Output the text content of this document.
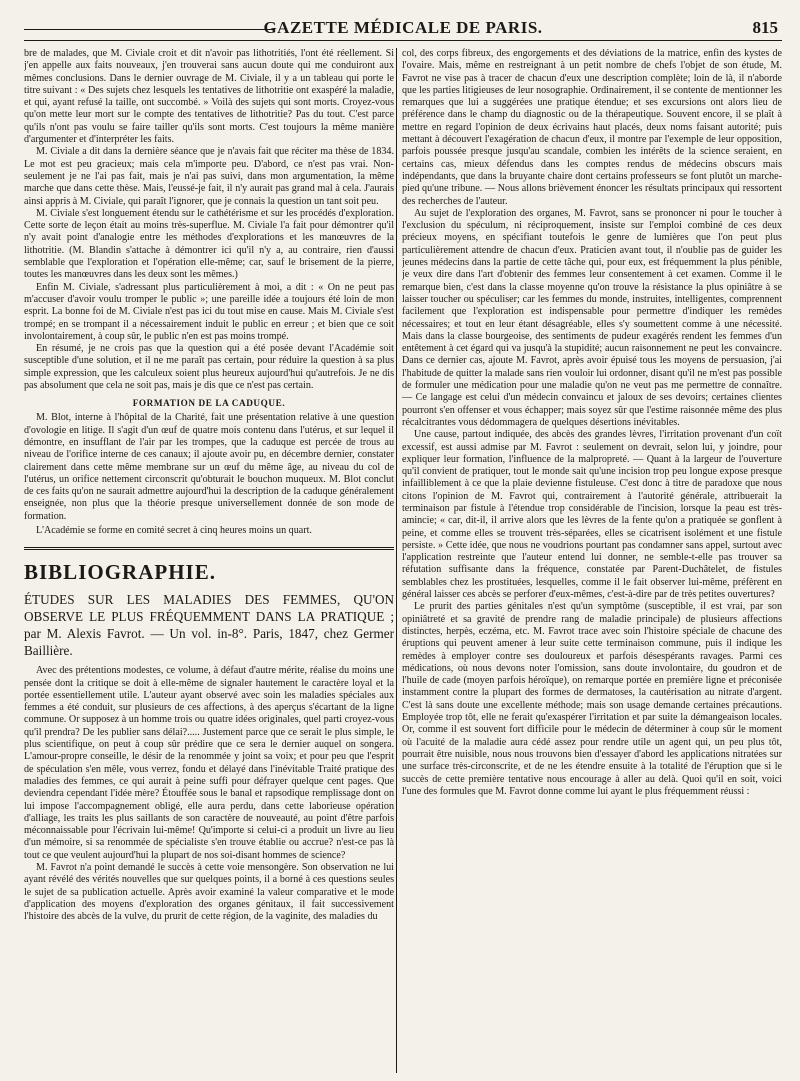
GAZETTE MÉDICALE DE PARIS.	815

bre de malades, que M. Civiale croit et dit n'avoir pas lithotritiés, l'ont été réellement. Si j'en appelle aux faits nouveaux, j'en trouverai sans aucun doute qui me conduiront aux mêmes conclusions. Dans le dernier ouvrage de M. Civiale, il y a un tableau qui porte le titre suivant : « Des sujets chez lesquels les tentatives de lithotritie ont exaspéré la maladie, et qui, ayant refusé la taille, ont succombé. » Voilà des sujets qui sont morts. Croyez-vous qu'on mette leur mort sur le compte des tentatives de lithotritie? Pas du tout. C'est parce qu'ils n'ont pas voulu se faire tailler qu'ils sont morts. C'est toujours la même manière d'argumenter et d'interpréter les faits.

M. Civiale a dit dans la dernière séance que je n'avais fait que réciter ma thèse de 1834. Le mot est peu gracieux; mais cela m'importe peu. D'abord, ce n'est pas vrai. Non-seulement je ne l'ai pas fait, mais je n'ai pas suivi, dans mon argumentation, la même marche que dans cette thèse. Mais, l'eussé-je fait, il n'y aurait pas grand mal à cela. J'aurais ainsi appris à M. Civiale, qui paraît l'ignorer, que je connais la question un tant soit peu.

M. Civiale s'est longuement étendu sur le cathétérisme et sur les procédés d'exploration. Cette sorte de leçon était au moins très-superflue. M. Civiale l'a fait pour démontrer qu'il n'y avait point d'analogie entre les méthodes d'explorations et les manœuvres de la lithotritie. (M. Blandin s'attache à démontrer ici qu'il n'y a, au contraire, rien d'aussi semblable que l'exploration et l'opération elle-même; car, sauf le brisement de la pierre, toutes les manœuvres dans les deux sont les mêmes.)

Enfin M. Civiale, s'adressant plus particulièrement à moi, a dit : « On ne peut pas m'accuser d'avoir voulu tromper le public »; une pareille idée a toujours été loin de mon esprit. La bonne foi de M. Civiale n'est pas ici du tout mise en cause. Mais M. Civiale s'est trompé; en se trompant il a nécessairement induit le public en erreur ; et bien que ce soit involontairement, à coup sûr, le public n'en est pas moins trompé.

En résumé, je ne crois pas que la question qui a été posée devant l'Académie soit susceptible d'une solution, et il ne me paraît pas certain, pour réduire la question à sa plus simple expression, que les calculeux soient plus heureux aujourd'hui qu'autrefois. Je ne dis pas absolument que cela ne soit pas, mais je dis que ce n'est pas certain.

FORMATION DE LA CADUQUE.

M. Blot, interne à l'hôpital de la Charité, fait une présentation relative à une question d'ovologie en litige. Il s'agit d'un œuf de quatre mois contenu dans l'utérus, et sur lequel il démontre, en insufflant de l'air par les trompes, que la caduque est percée de trous au niveau de l'orifice interne de ces canaux; il ajoute avoir pu, en décembre dernier, constater clairement dans cette même membrane sur un œuf du même âge, au niveau du col de l'utérus, un orifice nettement circonscrit qu'obturait le bouchon muqueux. M. Blot conclut de ces faits qu'on ne saurait admettre aujourd'hui la description de la caduque généralement enseignée, non plus que la théorie presque universellement donnée de son mode de formation.

L'Académie se forme en comité secret à cinq heures moins un quart.

BIBLIOGRAPHIE.
ÉTUDES SUR LES MALADIES DES FEMMES, QU'ON OBSERVE LE PLUS FRÉQUEMMENT DANS LA PRATIQUE ; par M. Alexis Favrot. — Un vol. in-8°. Paris, 1847, chez Germer Baillière.

Avec des prétentions modestes, ce volume, à défaut d'autre mérite, réalise du moins une pensée dont la critique se doit à elle-même de signaler hautement le caractère loyal et la portée essentiellement utile. L'auteur ayant observé avec soin les maladies spéciales aux femmes a été conduit, sur plusieurs de ces affections, à des aperçus s'écartant de la ligne commune. Or supposez à un homme trois ou quatre idées originales, quel parti croyez-vous qu'il prendra? De les publier sans délai?..... Justement parce que ce serait le plus simple, le plus scientifique, on peut à coup sûr prédire que ce sera le dernier auquel on songera. L'amour-propre conseille, le désir de la renommée y joint sa voix; et pour peu que l'esprit de spéculation s'en mêle, vous verrez, fondu et délayé dans l'inévitable Traité pratique des maladies des femmes, ce qui aurait à peine suffi pour défrayer quelque cent pages. Que deviendra cependant l'idée mère? Étouffée sous le banal et rapsodique remplissage dont on lui impose l'accompagnement obligé, elle aura perdu, dans cette laborieuse opération d'alliage, les traits les plus saillants de son caractère de nouveauté, au point d'être parfois méconnaissable pour l'écrivain lui-même! Qu'importe si celui-ci a produit un livre au lieu d'un mémoire, si sa renommée de spécialiste s'en trouve établie ou accrue? n'est-ce pas là tout ce que veulent aujourd'hui la plupart de nos soi-disant hommes de science?

M. Favrot n'a point demandé le succès à cette voie mensongère. Son observation ne lui ayant révélé des vérités nouvelles que sur quelques points, il a borné à ces questions seules le sujet de sa publication actuelle. Après avoir examiné la valeur comparative et le mode d'application des moyens d'exploration des organes génitaux, il fait successivement l'histoire des abcès de la vulve, du prurit de cette région, de la vaginite, des maladies du

col, des corps fibreux, des engorgements et des déviations de la matrice, enfin des kystes de l'ovaire. Mais, même en restreignant à un petit nombre de chefs l'objet de son étude, M. Favrot ne vise pas à tracer de chacun d'eux une description complète; loin de là, il n'aborde que les parties litigieuses de leur nosographie. Ordinairement, il se contente de mentionner les remarques que lui a suggérées une pratique étendue; et ses excursions ont alors lieu de préférence dans le champ du diagnostic ou de la thérapeutique. Souvent encore, il se plaît à mettre en regard l'opinion de deux écrivains haut placés, deux noms faisant autorité; puis mettant à découvert l'exagération de chacun d'eux, il montre par l'exemple de leur opposition, parfois poussée presque jusqu'au scandale, combien les intérêts de la science seraient, en certains cas, mieux défendus dans les comptes rendus de médecins obscurs mais indépendants, que dans la bruyante chaire dont certains professeurs se font plutôt un marche-pied qu'une tribune. — Nous allons brièvement énoncer les résultats principaux qui ressortent des recherches de l'auteur.

Au sujet de l'exploration des organes, M. Favrot, sans se prononcer ni pour le toucher à l'exclusion du spéculum, ni réciproquement, insiste sur l'emploi combiné de ces deux précieux moyens, en spécifiant toutefois le genre de lumières que l'on peut plus particulièrement attendre de chacun d'eux. Praticien avant tout, il n'oublie pas de guider les jeunes médecins dans la partie de cette tâche qui, pour eux, est fréquemment la plus pénible, je veux dire dans l'art d'obtenir des femmes leur consentement à cet examen. Comme il le remarque bien, c'est dans la classe moyenne qu'on trouve la résistance la plus opiniâtre à se laisser toucher ou spéculiser; car les femmes du monde, instruites, intelligentes, comprennent facilement que l'exploration est indispensable pour permettre d'indiquer les remèdes nécessaires; et tout en leur étant désagréable, elles s'y soumettent comme à une nécessité. Mais dans la classe bourgeoise, des sentiments de pudeur exagérés rendent les femmes d'un entêtement à cet égard qui va jusqu'à la stupidité; aucun raisonnement ne peut les convaincre. Dans ce dernier cas, ajoute M. Favrot, après avoir épuisé tous les moyens de persuasion, j'ai l'habitude de quitter la malade sans rien vouloir lui ordonner, disant qu'il ne m'est pas possible de formuler une médication pour une maladie qu'on ne veut pas me permettre de connaître. — Ce langage est celui d'un médecin convaincu et jaloux de ses devoirs; certaines clientes pourront s'en offenser et vous échapper; mais soyez sûr que l'estime raisonnée même des plus récalcitrantes vous dédommagera de quelques désertions inévitables.

Une cause, partout indiquée, des abcès des grandes lèvres, l'irritation provenant d'un coït excessif, est aussi admise par M. Favrot : seulement on devrait, selon lui, y joindre, pour expliquer leur formation, l'influence de la malpropreté. — Quant à la largeur de l'ouverture qu'il convient de pratiquer, tout le monde sait qu'une incision trop peu longue expose presque infailliblement à ce que la plaie devienne fistuleuse. C'est donc à titre de paradoxe que nous citons l'opinion de M. Favrot qui, contrairement à l'autorité générale, attribuerait la terminaison par fistule à l'étendue trop considérable de l'incision, lorsque la peau est très-amincie; « car, dit-il, il arrive alors que les lèvres de la fente qu'on a pratiquée se gonflent à peine, et comme elles se trouvent très-séparées, elles se cicatrisent isolément et une fistule persiste. » Cette idée, que nous ne voudrions pourtant pas condamner sans appel, surtout avec l'application restreinte que l'auteur entend lui donner, ne semble-t-elle pas trouver sa réfutation suffisante dans la fréquence, constatée par Parent-Duchâtelet, de fistules semblables chez les prostituées, lesquelles, comme il le fait observer lui-même, préfèrent en général laisser ces abcès se perforer d'eux-mêmes, c'est-à-dire par de très petites ouvertures?

Le prurit des parties génitales n'est qu'un symptôme (susceptible, il est vrai, par son opiniâtreté et sa gravité de prendre rang de maladie principale) de plusieurs affections distinctes, herpès, eczéma, etc. M. Favrot trace avec soin l'histoire spéciale de chacune des éruptions qui peuvent amener à leur suite cette terminaison commune, puis il indique les remèdes à employer contre ses douloureux et parfois désespérants ravages. Parmi ces médications, où nous devons noter l'omission, sans doute involontaire, du goudron et de l'huile de cade (moyen parfois héroïque), on remarque portée en première ligne et préconisée instamment contre la plupart des formes de dermatoses, la cautérisation au nitrate d'argent. C'est là sans doute une excellente méthode; mais son usage demande certaines précautions. Employée trop tôt, elle ne ferait qu'exaspérer l'irritation et par suite la démangeaison locales. Or, comme il est souvent fort difficile pour le médecin de déterminer à coup sûr le moment où l'acuité de la maladie aura cédé assez pour rendre utile un agent qui, un peu plus tôt, pourrait être nuisible, nous nous trouvons bien d'essayer d'abord les applications nitratées sur une surface très-circonscrite, et de ne les étendre ensuite à la totalité de l'éruption que si le succès de cette première tentative nous encourage à aller au delà. Quoi qu'il en soit, voici l'une des formules que M. Favrot donne comme lui ayant le plus fréquemment réussi :
